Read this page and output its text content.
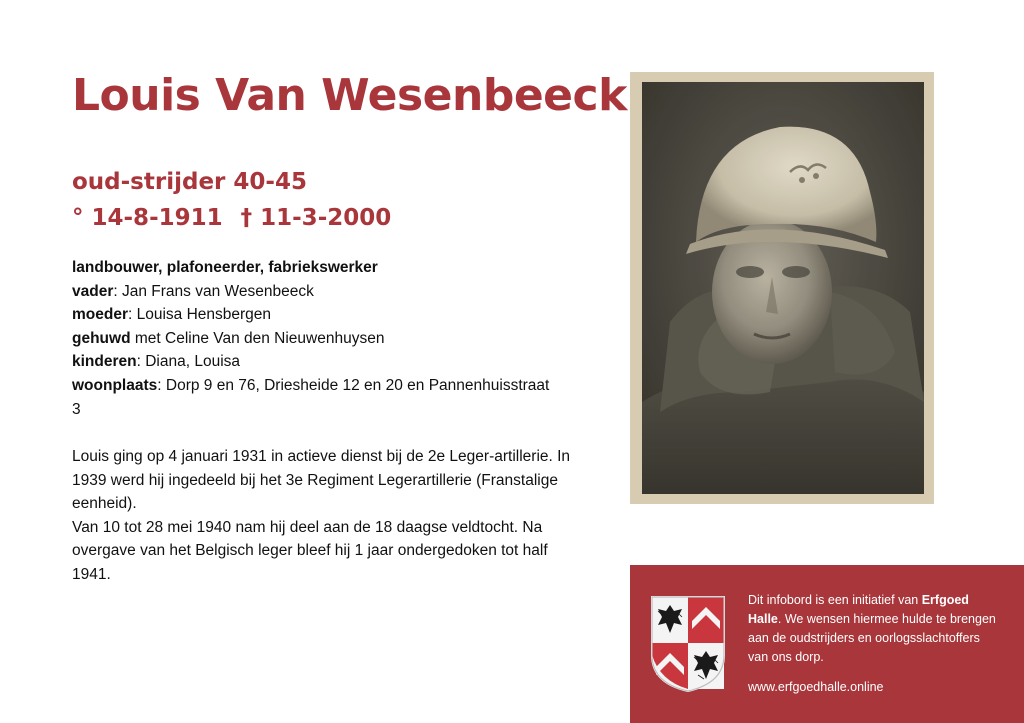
Louis Van Wesenbeeck
oud-strijder 40-45
° 14-8-1911 † 11-3-2000
landbouwer, plafoneerder, fabriekswerker
vader: Jan Frans van Wesenbeeck
moeder: Louisa Hensbergen
gehuwd met Celine Van den Nieuwenhuysen
kinderen: Diana, Louisa
woonplaats: Dorp 9 en 76, Driesheide 12 en 20 en Pannenhuisstraat 3
Louis ging op 4 januari 1931 in actieve dienst bij de 2e Leger-artillerie. In 1939 werd hij ingedeeld bij het 3e Regiment Legerartillerie (Franstalige eenheid).
Van 10 tot 28 mei 1940 nam hij deel aan de 18 daagse veldtocht. Na overgave van het Belgisch leger bleef hij 1 jaar ondergedoken tot half 1941.
Dit infobord is een initiatief van Erfgoed Halle. We wensen hiermee hulde te brengen aan de oudstrijders en oorlogsslachtoffers van ons dorp.
www.erfgoedhalle.online
